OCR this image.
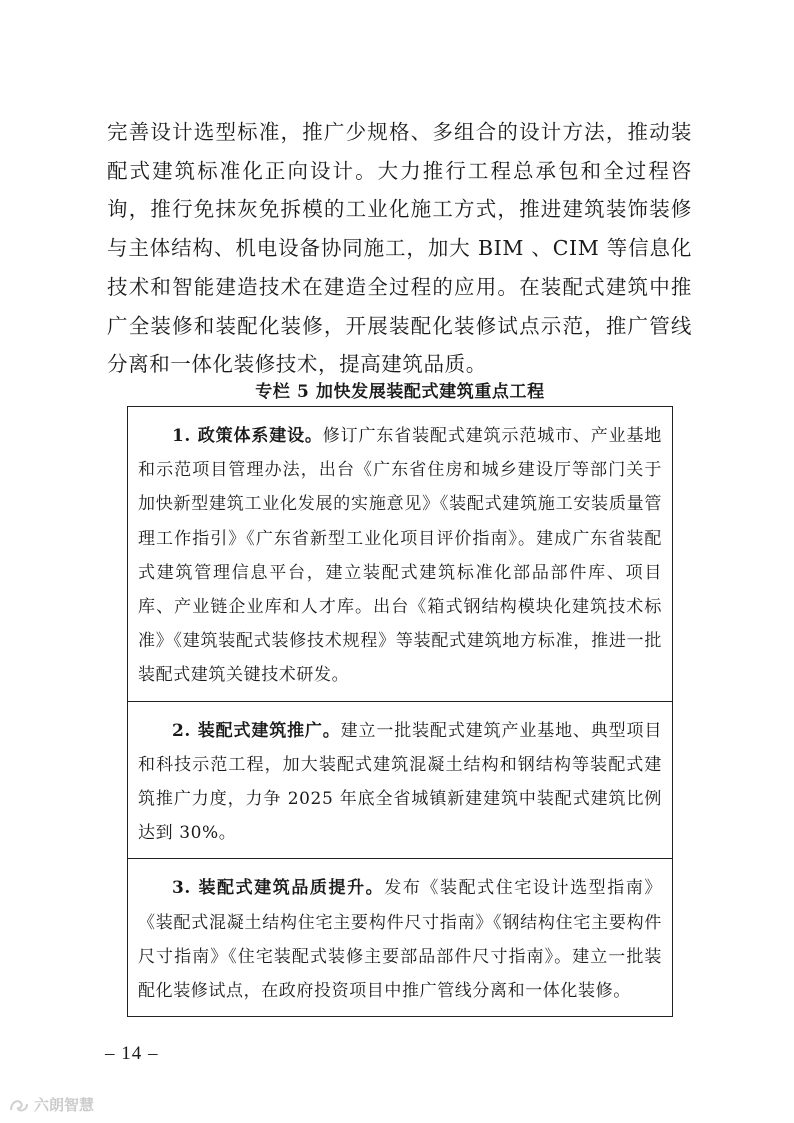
完善设计选型标准，推广少规格、多组合的设计方法，推动装配式建筑标准化正向设计。大力推行工程总承包和全过程咨询，推行免抹灰免拆模的工业化施工方式，推进建筑装饰装修与主体结构、机电设备协同施工，加大 BIM 、CIM 等信息化技术和智能建造技术在建造全过程的应用。在装配式建筑中推广全装修和装配化装修，开展装配化装修试点示范，推广管线分离和一体化装修技术，提高建筑品质。
专栏 5 加快发展装配式建筑重点工程
1. 政策体系建设。修订广东省装配式建筑示范城市、产业基地和示范项目管理办法，出台《广东省住房和城乡建设厅等部门关于加快新型建筑工业化发展的实施意见》《装配式建筑施工安装质量管理工作指引》《广东省新型工业化项目评价指南》。建成广东省装配式建筑管理信息平台，建立装配式建筑标准化部品部件库、项目库、产业链企业库和人才库。出台《箱式钢结构模块化建筑技术标准》《建筑装配式装修技术规程》等装配式建筑地方标准，推进一批装配式建筑关键技术研发。
2. 装配式建筑推广。建立一批装配式建筑产业基地、典型项目和科技示范工程，加大装配式建筑混凝土结构和钢结构等装配式建筑推广力度，力争 2025 年底全省城镇新建建筑中装配式建筑比例达到 30%。
3. 装配式建筑品质提升。发布《装配式住宅设计选型指南》《装配式混凝土结构住宅主要构件尺寸指南》《钢结构住宅主要构件尺寸指南》《住宅装配式装修主要部品部件尺寸指南》。建立一批装配化装修试点，在政府投资项目中推广管线分离和一体化装修。
– 14 –
六朗智慧
